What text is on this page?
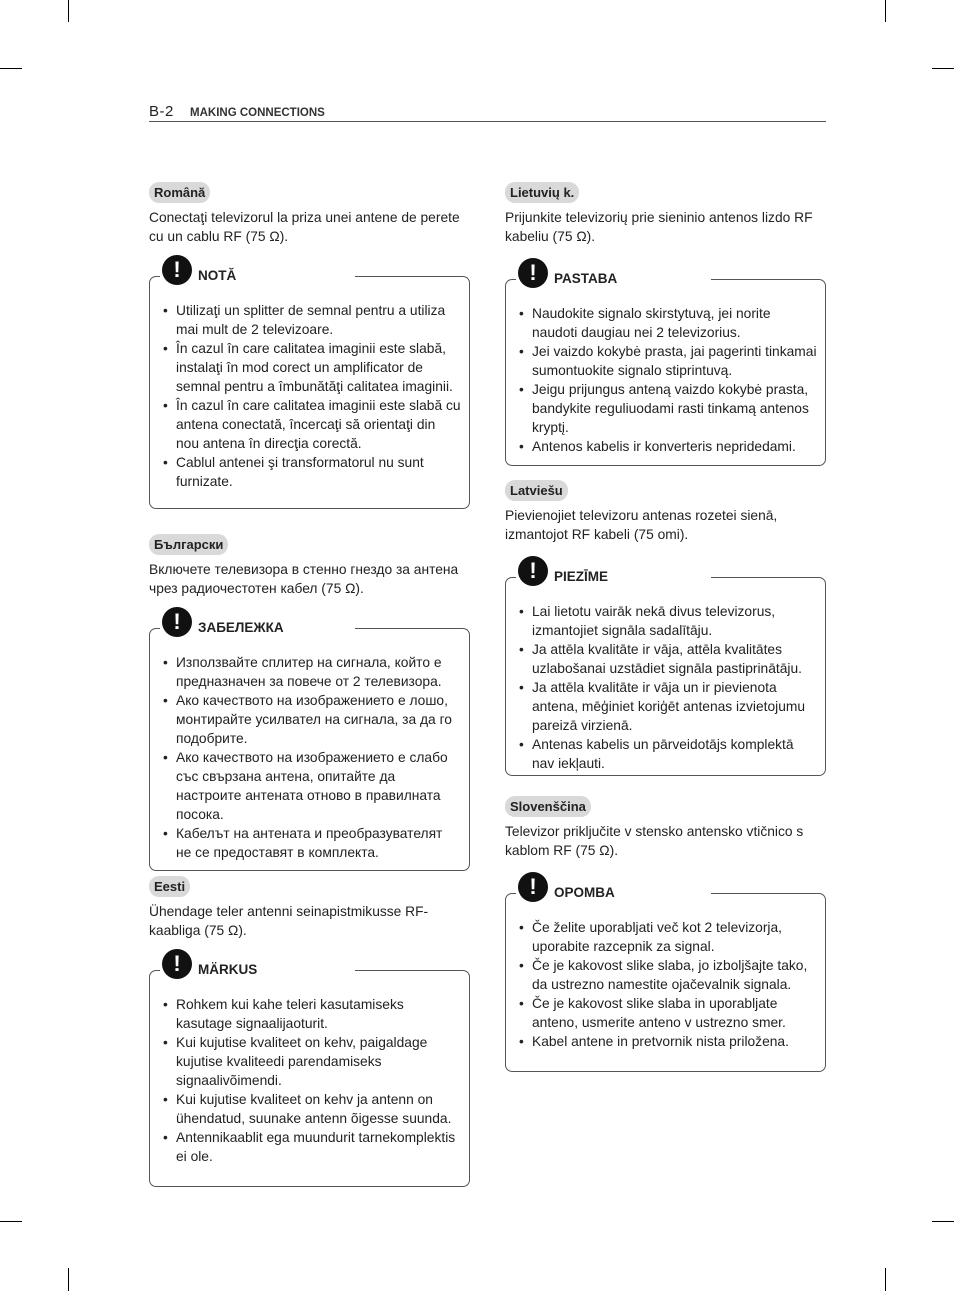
B-2 MAKING CONNECTIONS
Română
Conectaţi televizorul la priza unei antene de perete cu un cablu RF (75 Ω).
!	NOTĂ
• Utilizaţi un splitter de semnal pentru a utiliza mai mult de 2 televizoare.
• În cazul în care calitatea imaginii este slabă, instalaţi în mod corect un amplificator de semnal pentru a îmbunătăţi calitatea imaginii.
• În cazul în care calitatea imaginii este slabă cu antena conectată, încercaţi să orientaţi din nou antena în direcţia corectă.
• Cablul antenei şi transformatorul nu sunt furnizate.
Български
Включете телевизора в стенно гнездо за антена чрез радиочестотен кабел (75 Ω).
!	ЗАБЕЛЕЖКА
• Използвайте сплитер на сигнала, който е предназначен за повече от 2 телевизора.
• Ако качеството на изображението е лошо, монтирайте усилвател на сигнала, за да го подобрите.
• Ако качеството на изображението е слабо със свързана антена, опитайте да настроите антената отново в правилната посока.
• Кабелът на антената и преобразувателят не се предоставят в комплекта.
Eesti
Ühendage teler antenni seinapistmikusse RF-kaabliga (75 Ω).
!	MÄRKUS
• Rohkem kui kahe teleri kasutamiseks kasutage signaalijaoturit.
• Kui kujutise kvaliteet on kehv, paigaldage kujutise kvaliteedi parendamiseks signaalivõimendi.
• Kui kujutise kvaliteet on kehv ja antenn on ühendatud, suunake antenn õigesse suunda.
• Antennikaablit ega muundurit tarnekomplektis ei ole.
Lietuvių k.
Prijunkite televizorių prie sieninio antenos lizdo RF kabeliu (75 Ω).
!	PASTABA
• Naudokite signalo skirstytuvą, jei norite naudoti daugiau nei 2 televizorius.
• Jei vaizdo kokybė prasta, jai pagerinti tinkamai sumontuokite signalo stiprintuvą.
• Jeigu prijungus anteną vaizdo kokybė prasta, bandykite reguliuodami rasti tinkamą antenos kryptį.
• Antenos kabelis ir konverteris nepridedami.
Latviešu
Pievienojiet televizoru antenas rozetei sienā, izmantojot RF kabeli (75 omi).
!	PIEZĪME
• Lai lietotu vairāk nekā divus televizorus, izmantojiet signāla sadalītāju.
• Ja attēla kvalitāte ir vāja, attēla kvalitātes uzlabošanai uzstādiet signāla pastiprinātāju.
• Ja attēla kvalitāte ir vāja un ir pievienota antena, mēģiniet koriģēt antenas izvietojumu pareizā virzienā.
• Antenas kabelis un pārveidotājs komplektā nav iekļauti.
Slovenščina
Televizor priključite v stensko antensko vtičnico s kablom RF (75 Ω).
!	OPOMBA
• Če želite uporabljati več kot 2 televizorja, uporabite razcepnik za signal.
• Če je kakovost slike slaba, jo izboljšajte tako, da ustrezno namestite ojačevalnik signala.
• Če je kakovost slike slaba in uporabljate anteno, usmerite anteno v ustrezno smer.
• Kabel antene in pretvornik nista priložena.
